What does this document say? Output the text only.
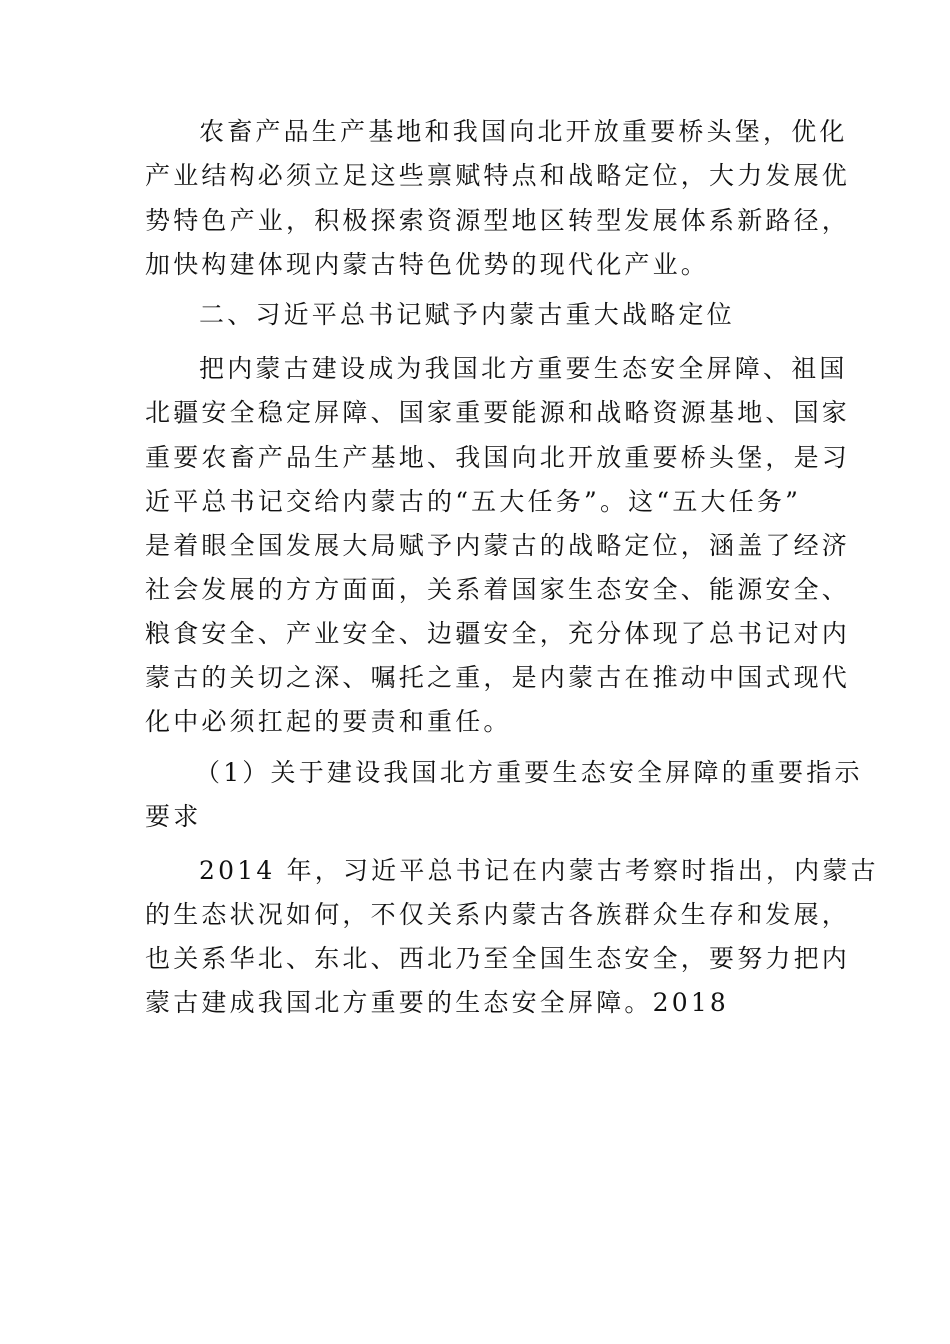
农畜产品生产基地和我国向北开放重要桥头堡，优化
产业结构必须立足这些禀赋特点和战略定位，大力发展优
势特色产业，积极探索资源型地区转型发展体系新路径，
加快构建体现内蒙古特色优势的现代化产业。
二、习近平总书记赋予内蒙古重大战略定位
把内蒙古建设成为我国北方重要生态安全屏障、祖国
北疆安全稳定屏障、国家重要能源和战略资源基地、国家
重要农畜产品生产基地、我国向北开放重要桥头堡，是习
近平总书记交给内蒙古的“五大任务”。这“五大任务”
是着眼全国发展大局赋予内蒙古的战略定位，涵盖了经济
社会发展的方方面面，关系着国家生态安全、能源安全、
粮食安全、产业安全、边疆安全，充分体现了总书记对内
蒙古的关切之深、嘱托之重，是内蒙古在推动中国式现代
化中必须扛起的要责和重任。
（1）关于建设我国北方重要生态安全屏障的重要指示
要求
2014 年，习近平总书记在内蒙古考察时指出，内蒙古
的生态状况如何，不仅关系内蒙古各族群众生存和发展，
也关系华北、东北、西北乃至全国生态安全，要努力把内
蒙古建成我国北方重要的生态安全屏障。2018
